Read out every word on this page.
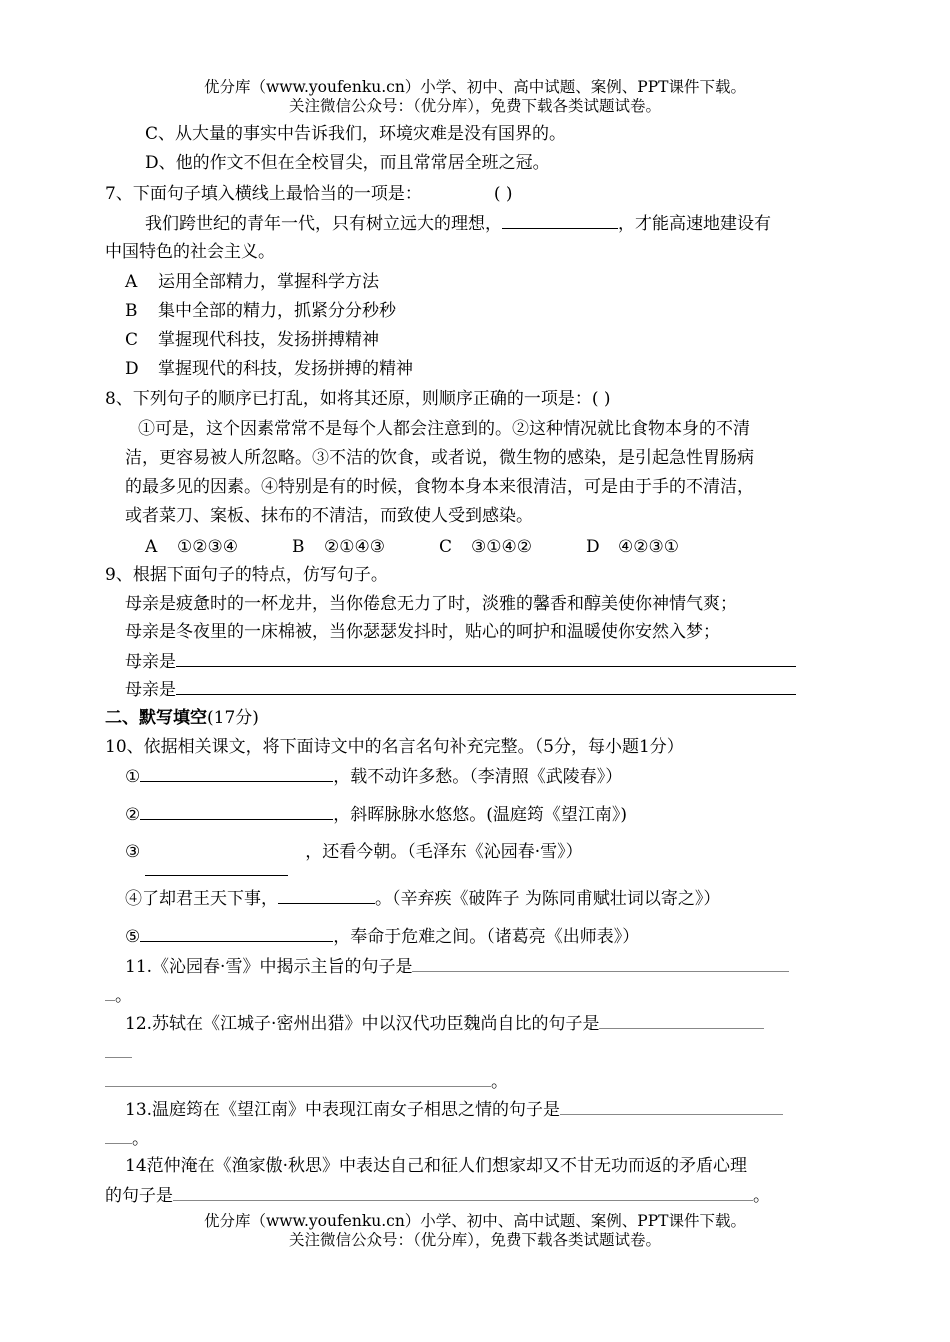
优分库（www.youfenku.cn）小学、初中、高中试题、案例、PPT课件下载。
关注微信公众号：（优分库），免费下载各类试题试卷。
C、从大量的事实中告诉我们，环境灾难是没有国界的。
D、他的作文不但在全校冒尖，而且常常居全班之冠。
7、下面句子填入横线上最恰当的一项是：	( )
我们跨世纪的青年一代，只有树立远大的理想，	，才能高速地建设有
中国特色的社会主义。
A 运用全部精力，掌握科学方法
B 集中全部的精力，抓紧分分秒秒
C 掌握现代科技，发扬拼搏精神
D 掌握现代的科技，发扬拼搏的精神
8、下列句子的顺序已打乱，如将其还原，则顺序正确的一项是：( )
①可是，这个因素常常不是每个人都会注意到的。②这种情况就比食物本身的不清
洁，更容易被人所忽略。③不洁的饮食，或者说，微生物的感染，是引起急性胃肠病
的最多见的因素。④特别是有的时候，食物本身本来很清洁，可是由于手的不清洁，
或者菜刀、案板、抹布的不清洁，而致使人受到感染。
A ①②③④	B ②①④③	C ③①④②	D ④②③①
9、根据下面句子的特点，仿写句子。
母亲是疲惫时的一杯龙井，当你倦怠无力了时，淡雅的馨香和醇美使你神情气爽；
母亲是冬夜里的一床棉被，当你瑟瑟发抖时，贴心的呵护和温暖使你安然入梦；
母亲是
母亲是
二、默写填空(17分)
10、依据相关课文，将下面诗文中的名言名句补充完整。（5分，每小题1分）
①	，载不动许多愁。（李清照《武陵春》）
②	，斜晖脉脉水悠悠。(温庭筠《望江南》)
③	，还看今朝。（毛泽东《沁园春·雪》）
④了却君王天下事，	。（辛弃疾《破阵子 为陈同甫赋壮词以寄之》）
⑤	，奉命于危难之间。（诸葛亮《出师表》）
11.《沁园春·雪》中揭示主旨的句子是
。
12.苏轼在《江城子·密州出猎》中以汉代功臣魏尚自比的句子是
。
13.温庭筠在《望江南》中表现江南女子相思之情的句子是
。
14范仲淹在《渔家傲·秋思》中表达自己和征人们想家却又不甘无功而返的矛盾心理
的句子是	。
优分库（www.youfenku.cn）小学、初中、高中试题、案例、PPT课件下载。
关注微信公众号：（优分库），免费下载各类试题试卷。
